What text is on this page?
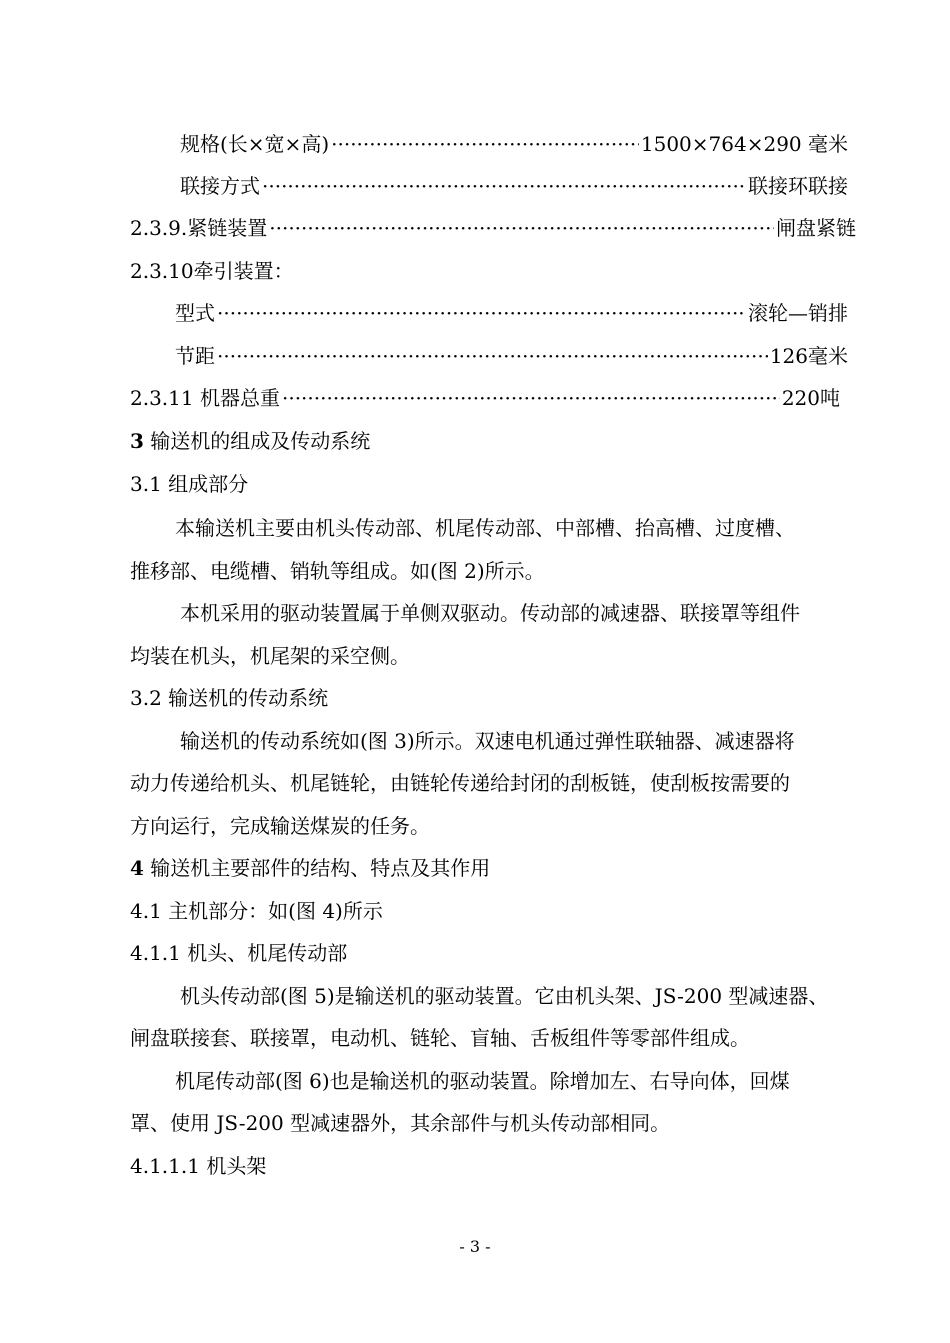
规格(长×宽×高) ·····	1500×764×290 毫米
联接方式 ·····	联接环联接
2.3.9.紧链装置 ·····	闸盘紧链
2.3.10牵引装置：
型式 ·····	滚轮—销排
节距 ·····	126毫米
2.3.11 机器总重 ·····	220吨
3 输送机的组成及传动系统
3.1 组成部分
本输送机主要由机头传动部、机尾传动部、中部槽、抬高槽、过度槽、
推移部、电缆槽、销轨等组成。如(图 2)所示。
本机采用的驱动装置属于单侧双驱动。传动部的减速器、联接罩等组件
均装在机头，机尾架的采空侧。
3.2 输送机的传动系统
输送机的传动系统如(图 3)所示。双速电机通过弹性联轴器、减速器将
动力传递给机头、机尾链轮，由链轮传递给封闭的刮板链，使刮板按需要的
方向运行，完成输送煤炭的任务。
4 输送机主要部件的结构、特点及其作用
4.1 主机部分：如(图 4)所示
4.1.1 机头、机尾传动部
机头传动部(图 5)是输送机的驱动装置。它由机头架、JS-200 型减速器、
闸盘联接套、联接罩，电动机、链轮、盲轴、舌板组件等零部件组成。
机尾传动部(图 6)也是输送机的驱动装置。除增加左、右导向体，回煤
罩、使用 JS-200 型减速器外，其余部件与机头传动部相同。
4.1.1.1 机头架
- 3 -
